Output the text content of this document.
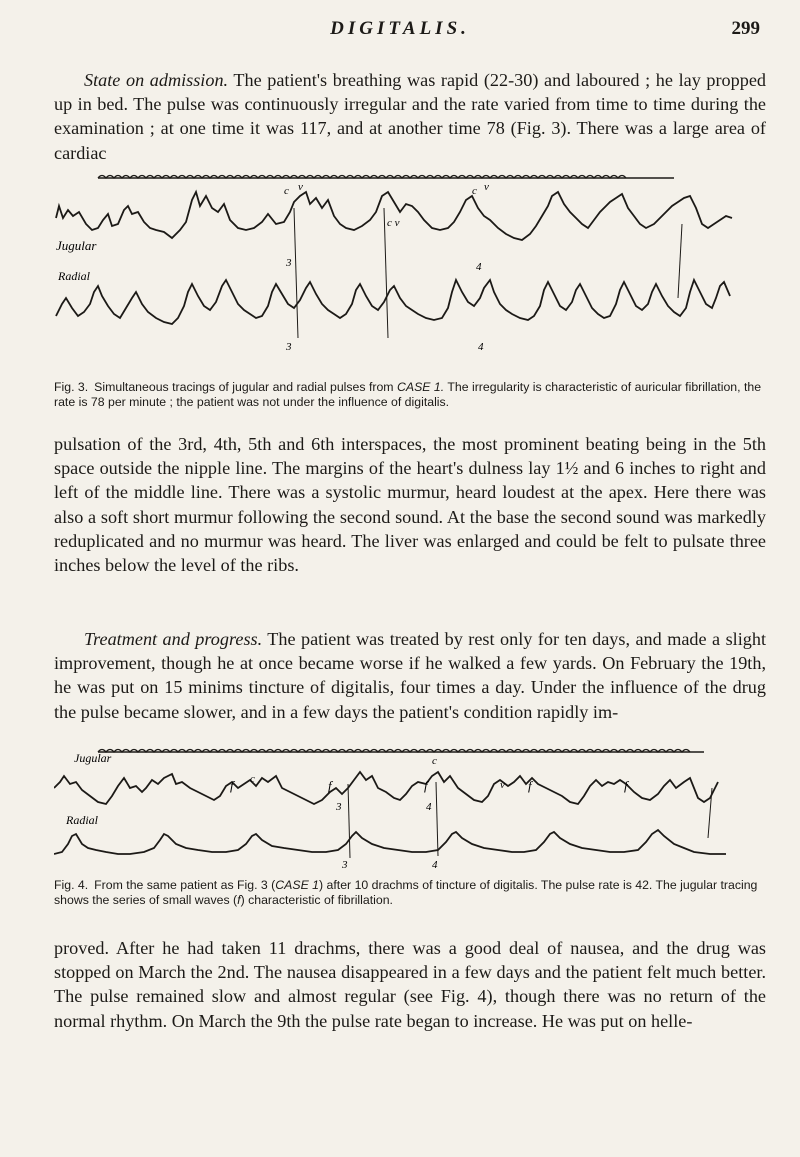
DIGITALIS.	299

State on admission. The patient's breathing was rapid (22-30) and laboured ; he lay propped up in bed. The pulse was continuously irregular and the rate varied from time to time during the examination ; at one time it was 117, and at another time 78 (Fig. 3). There was a large area of cardiac

Jugular
Radial
c v
c v
c v
3	4
3	4

Fig. 3. Simultaneous tracings of jugular and radial pulses from CASE 1. The irregularity is characteristic of auricular fibrillation, the rate is 78 per minute ; the patient was not under the influence of digitalis.

pulsation of the 3rd, 4th, 5th and 6th interspaces, the most prominent beating being in the 5th space outside the nipple line. The margins of the heart's dulness lay 1½ and 6 inches to right and left of the middle line. There was a systolic murmur, heard loudest at the apex. Here there was also a soft short murmur following the second sound. At the base the second sound was markedly reduplicated and no murmur was heard. The liver was enlarged and could be felt to pulsate three inches below the level of the ribs.

Treatment and progress. The patient was treated by rest only for ten days, and made a slight improvement, though he at once became worse if he walked a few yards. On February the 19th, he was put on 15 minims tincture of digitalis, four times a day. Under the influence of the drug the pulse became slower, and in a few days the patient's condition rapidly im-

Jugular
Radial
c
c
v
f	f	f	f	f
3	4
3	4

Fig. 4. From the same patient as Fig. 3 (CASE 1) after 10 drachms of tincture of digitalis. The pulse rate is 42. The jugular tracing shows the series of small waves (f) characteristic of fibrillation.

proved. After he had taken 11 drachms, there was a good deal of nausea, and the drug was stopped on March the 2nd. The nausea disappeared in a few days and the patient felt much better. The pulse remained slow and almost regular (see Fig. 4), though there was no return of the normal rhythm. On March the 9th the pulse rate began to increase. He was put on helle-
